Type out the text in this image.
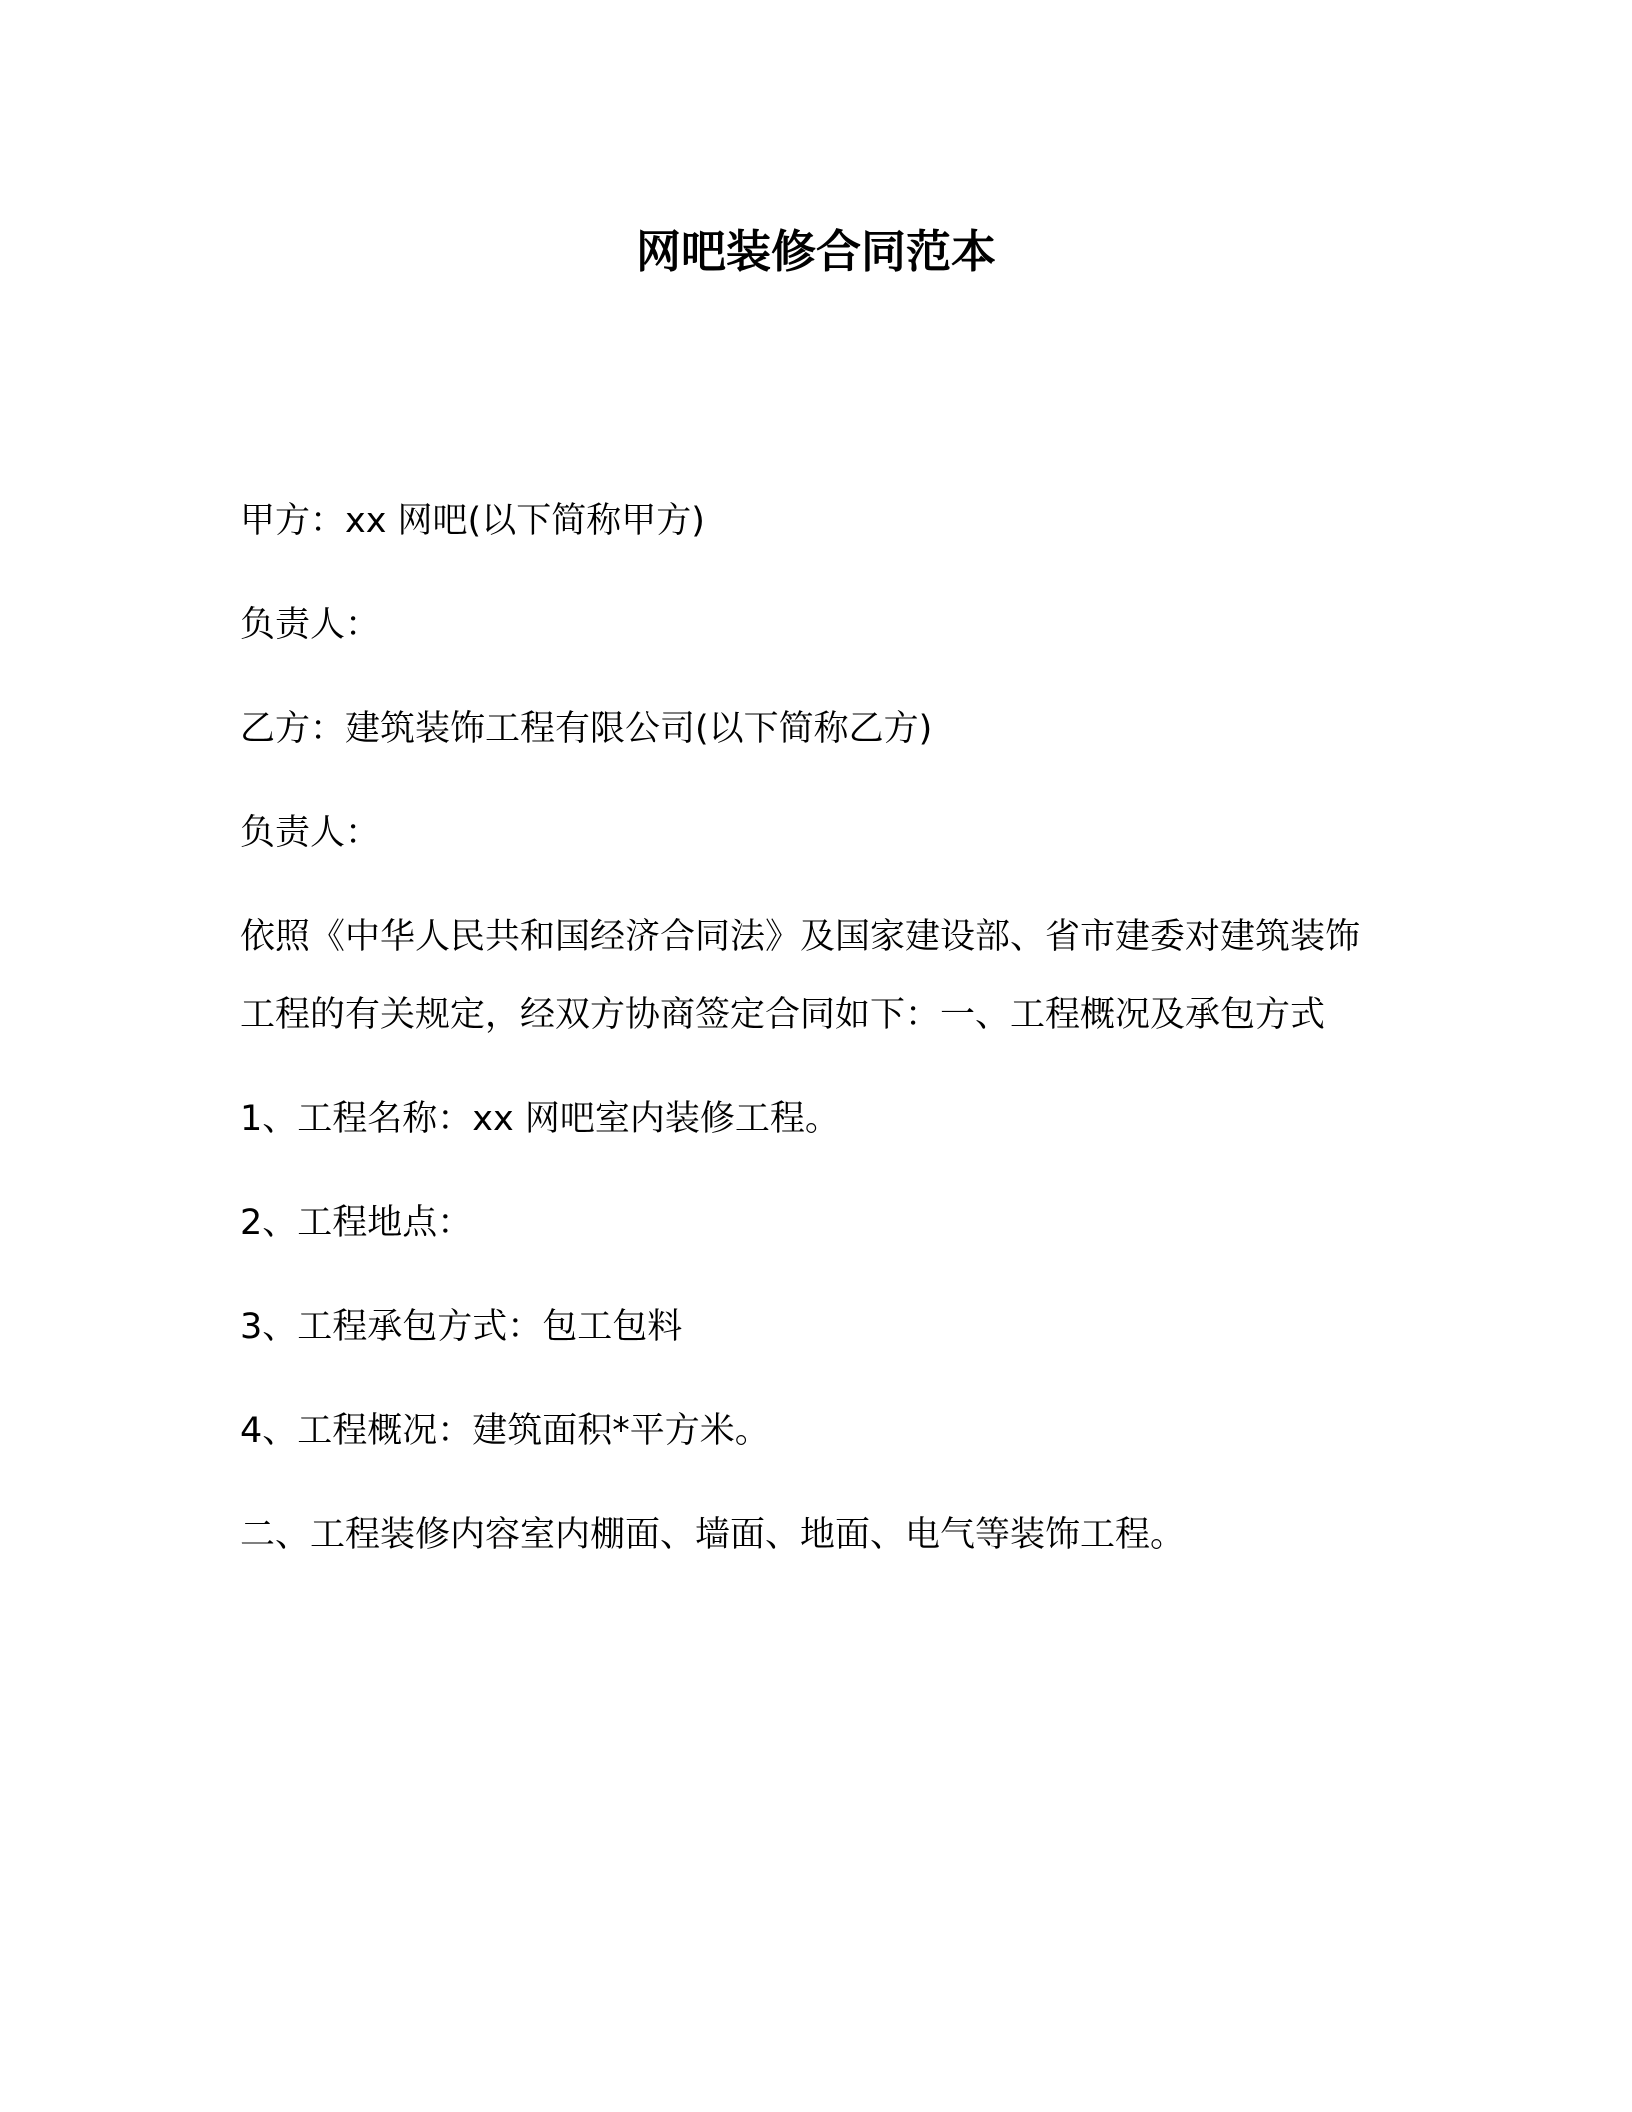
网吧装修合同范本

甲方：xx 网吧(以下简称甲方)

负责人：

乙方：建筑装饰工程有限公司(以下简称乙方)

负责人：

依照《中华人民共和国经济合同法》及国家建设部、省市建委对建筑装饰工程的有关规定，经双方协商签定合同如下：一、工程概况及承包方式

1、工程名称：xx 网吧室内装修工程。

2、工程地点：

3、工程承包方式：包工包料

4、工程概况：建筑面积*平方米。

二、工程装修内容室内棚面、墙面、地面、电气等装饰工程。
